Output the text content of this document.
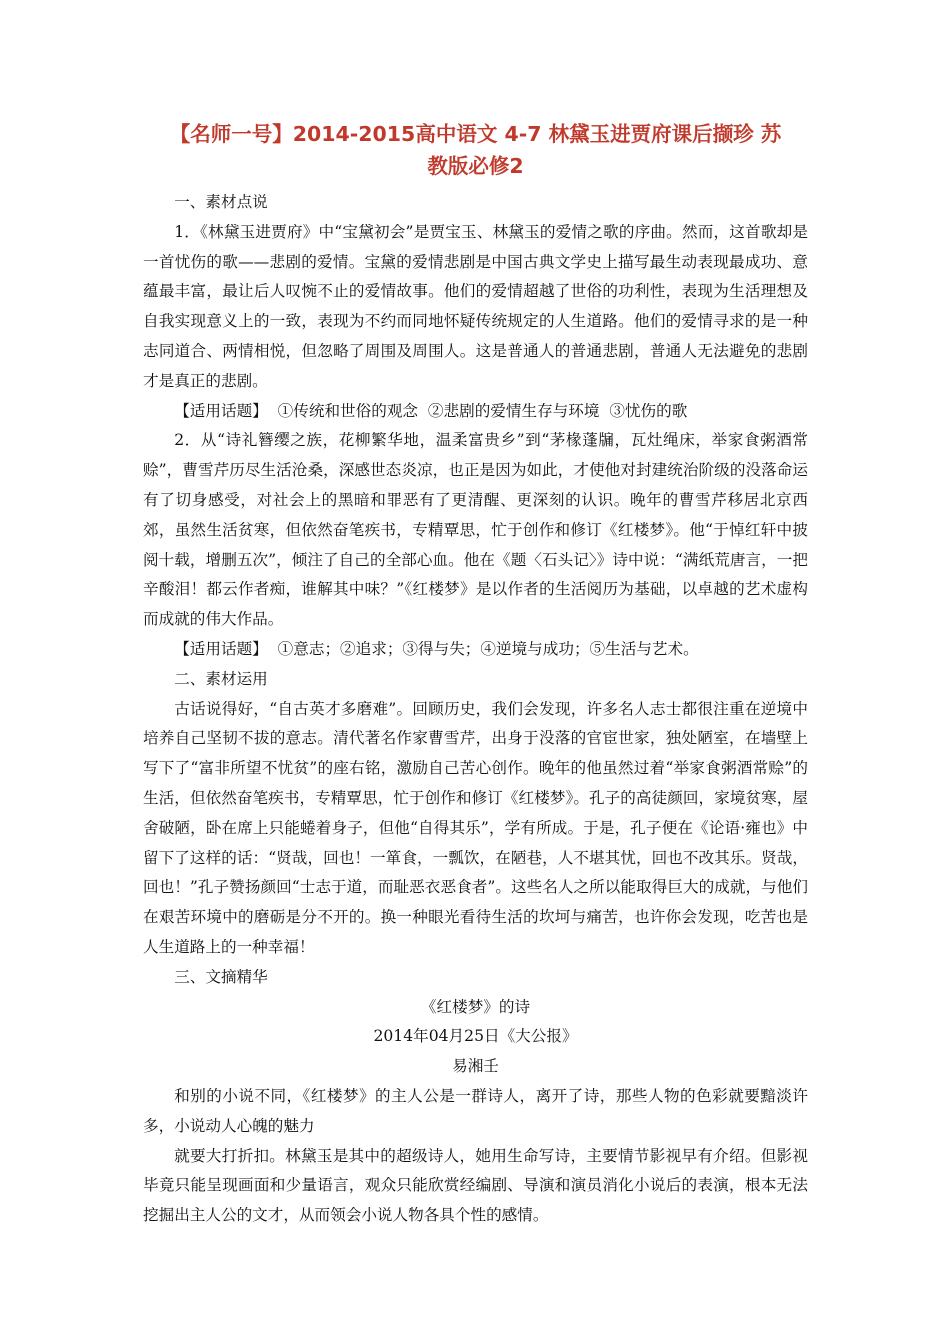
【名师一号】2014-2015高中语文 4-7 林黛玉进贾府课后撷珍 苏
教版必修2
一、素材点说

1．《林黛玉进贾府》中“宝黛初会”是贾宝玉、林黛玉的爱情之歌的序曲。然而，这首歌却是一首忧伤的歌——悲剧的爱情。宝黛的爱情悲剧是中国古典文学史上描写最生动表现最成功、意蕴最丰富，最让后人叹惋不止的爱情故事。他们的爱情超越了世俗的功利性，表现为生活理想及自我实现意义上的一致，表现为不约而同地怀疑传统规定的人生道路。他们的爱情寻求的是一种志同道合、两情相悦，但忽略了周围及周围人。这是普通人的普通悲剧，普通人无法避免的悲剧才是真正的悲剧。

【适用话题】  ①传统和世俗的观念  ②悲剧的爱情生存与环境  ③忧伤的歌

2．从“诗礼簪缨之族，花柳繁华地，温柔富贵乡”到“茅椽蓬牖，瓦灶绳床，举家食粥酒常赊”，曹雪芹历尽生活沧桑，深感世态炎凉，也正是因为如此，才使他对封建统治阶级的没落命运有了切身感受，对社会上的黑暗和罪恶有了更清醒、更深刻的认识。晚年的曹雪芹移居北京西郊，虽然生活贫寒，但依然奋笔疾书，专精覃思，忙于创作和修订《红楼梦》。他“于悼红轩中披阅十载，增删五次”，倾注了自己的全部心血。他在《题〈石头记〉》诗中说：“满纸荒唐言，一把辛酸泪！都云作者痴，谁解其中味？”《红楼梦》是以作者的生活阅历为基础，以卓越的艺术虚构而成就的伟大作品。

【适用话题】  ①意志；②追求；③得与失；④逆境与成功；⑤生活与艺术。

二、素材运用

古话说得好，“自古英才多磨难”。回顾历史，我们会发现，许多名人志士都很注重在逆境中培养自己坚韧不拔的意志。清代著名作家曹雪芹，出身于没落的官宦世家，独处陋室，在墙壁上写下了“富非所望不忧贫”的座右铭，激励自己苦心创作。晚年的他虽然过着“举家食粥酒常赊”的生活，但依然奋笔疾书，专精覃思，忙于创作和修订《红楼梦》。孔子的高徒颜回，家境贫寒，屋舍破陋，卧在席上只能蜷着身子，但他“自得其乐”，学有所成。于是，孔子便在《论语·雍也》中留下了这样的话：“贤哉，回也！一箪食，一瓢饮，在陋巷，人不堪其忧，回也不改其乐。贤哉，回也！”孔子赞扬颜回“士志于道，而耻恶衣恶食者”。这些名人之所以能取得巨大的成就，与他们在艰苦环境中的磨砺是分不开的。换一种眼光看待生活的坎坷与痛苦，也许你会发现，吃苦也是人生道路上的一种幸福！

三、文摘精华
《红楼梦》的诗
2014年04月25日《大公报》
易湘壬

和别的小说不同，《红楼梦》的主人公是一群诗人，离开了诗，那些人物的色彩就要黯淡许多，小说动人心魄的魅力

就要大打折扣。林黛玉是其中的超级诗人，她用生命写诗，主要情节影视早有介绍。但影视毕竟只能呈现画面和少量语言，观众只能欣赏经编剧、导演和演员消化小说后的表演，根本无法挖掘出主人公的文才，从而领会小说人物各具个性的感情。
